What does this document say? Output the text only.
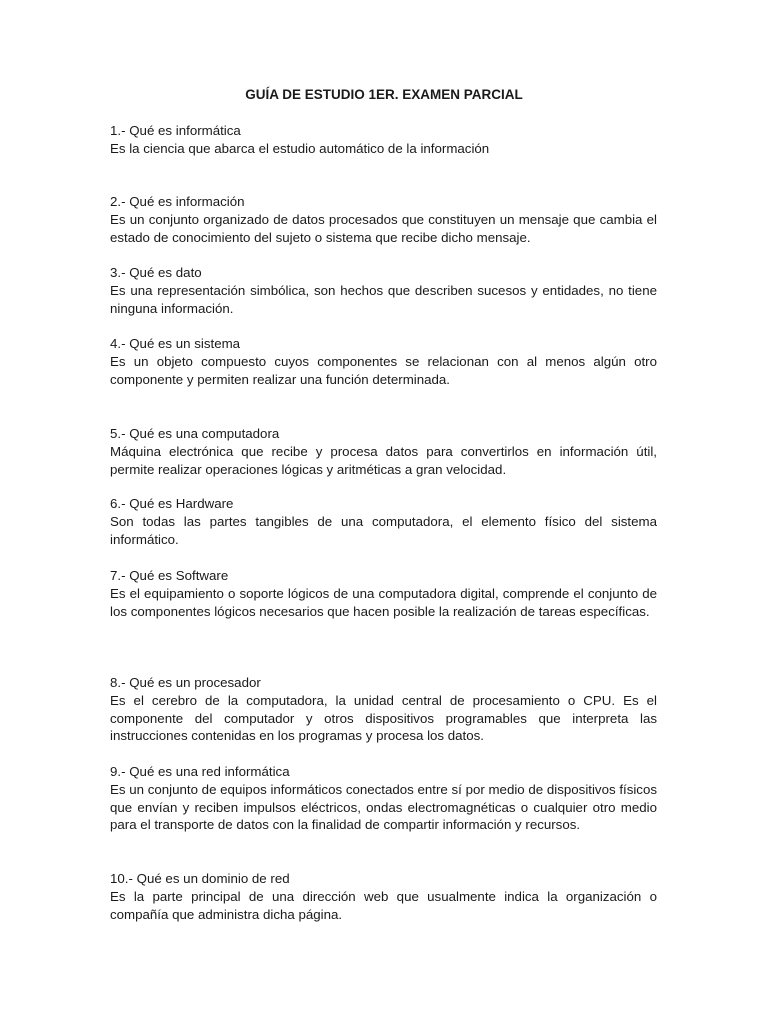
GUÍA DE ESTUDIO 1ER. EXAMEN PARCIAL
1.- Qué es informática
Es la ciencia que abarca el estudio automático de la información
2.- Qué es información
Es un conjunto organizado de datos procesados que constituyen un mensaje que cambia el estado de conocimiento del sujeto o sistema que recibe dicho mensaje.
3.- Qué es dato
Es una representación simbólica, son hechos que describen sucesos y entidades, no tiene ninguna información.
4.- Qué es un sistema
Es un objeto compuesto cuyos componentes se relacionan con al menos algún otro componente y permiten realizar una función determinada.
5.- Qué es una computadora
Máquina electrónica que recibe y procesa datos para convertirlos en información útil, permite realizar operaciones lógicas y aritméticas a gran velocidad.
6.- Qué es Hardware
Son todas las partes tangibles de una computadora, el elemento físico del sistema informático.
7.- Qué es Software
Es el equipamiento o soporte lógicos de una computadora digital, comprende el conjunto de los componentes lógicos necesarios que hacen posible la realización de tareas específicas.
8.- Qué es un procesador
Es el cerebro de la computadora, la unidad central de procesamiento o CPU. Es el componente del computador y otros dispositivos programables que interpreta las instrucciones contenidas en los programas y procesa los datos.
9.- Qué es una red informática
Es un conjunto de equipos informáticos conectados entre sí por medio de dispositivos físicos que envían y reciben impulsos eléctricos, ondas electromagnéticas o cualquier otro medio para el transporte de datos con la finalidad de compartir información y recursos.
10.- Qué es un dominio de red
Es la parte principal de una dirección web que usualmente indica la organización o compañía que administra dicha página.
